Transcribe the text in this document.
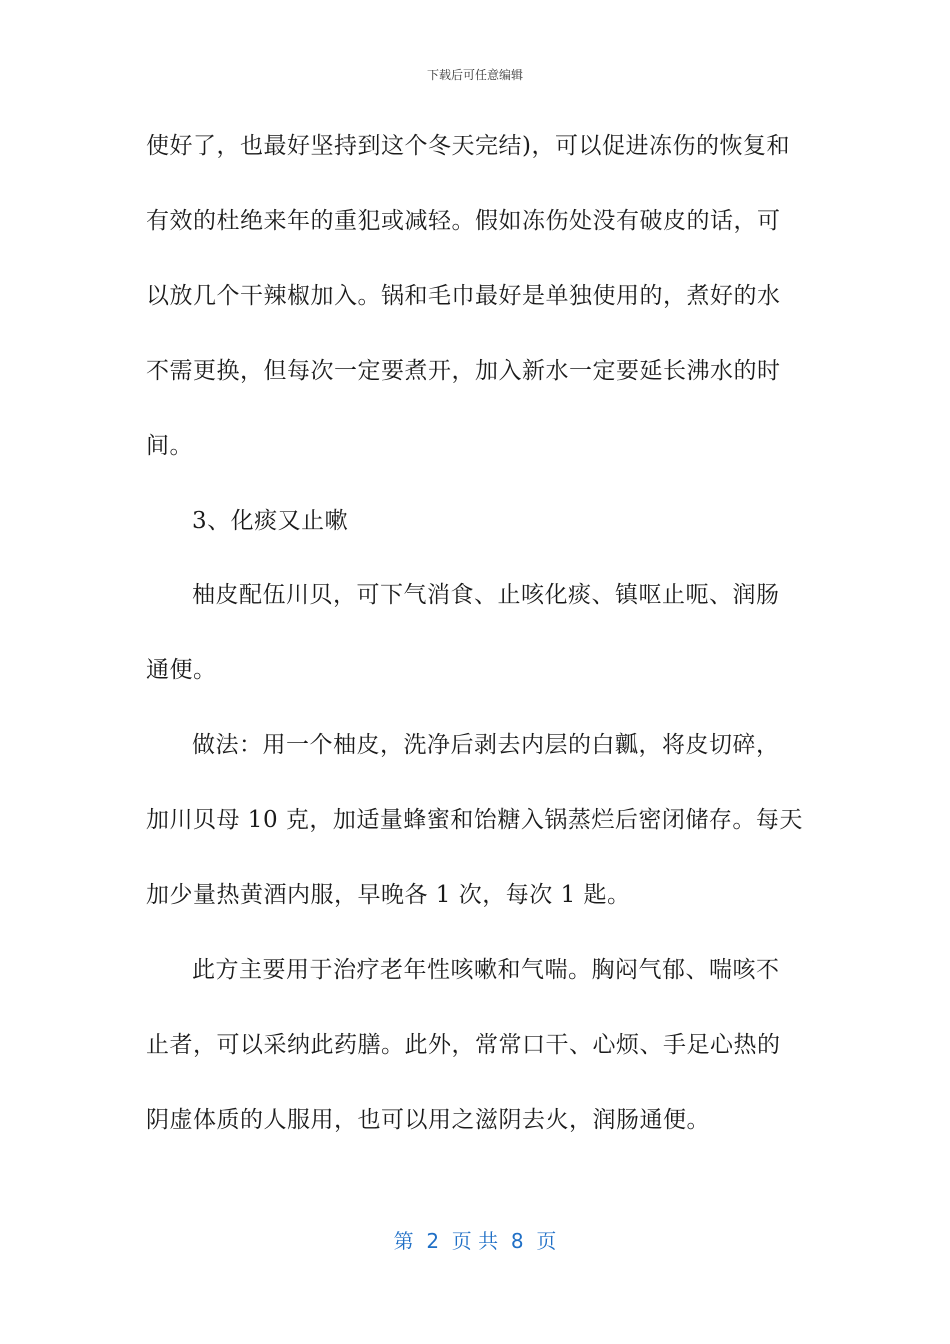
下载后可任意编辑
使好了，也最好坚持到这个冬天完结)，可以促进冻伤的恢复和
有效的杜绝来年的重犯或减轻。假如冻伤处没有破皮的话，可
以放几个干辣椒加入。锅和毛巾最好是单独使用的，煮好的水
不需更换，但每次一定要煮开，加入新水一定要延长沸水的时
间。
3、化痰又止嗽
柚皮配伍川贝，可下气消食、止咳化痰、镇呕止呃、润肠
通便。
做法：用一个柚皮，洗净后剥去内层的白瓤，将皮切碎，
加川贝母 10 克，加适量蜂蜜和饴糖入锅蒸烂后密闭储存。每天
加少量热黄酒内服，早晚各 1 次，每次 1 匙。
此方主要用于治疗老年性咳嗽和气喘。胸闷气郁、喘咳不
止者，可以采纳此药膳。此外，常常口干、心烦、手足心热的
阴虚体质的人服用，也可以用之滋阴去火，润肠通便。
第  2  页 共  8  页
